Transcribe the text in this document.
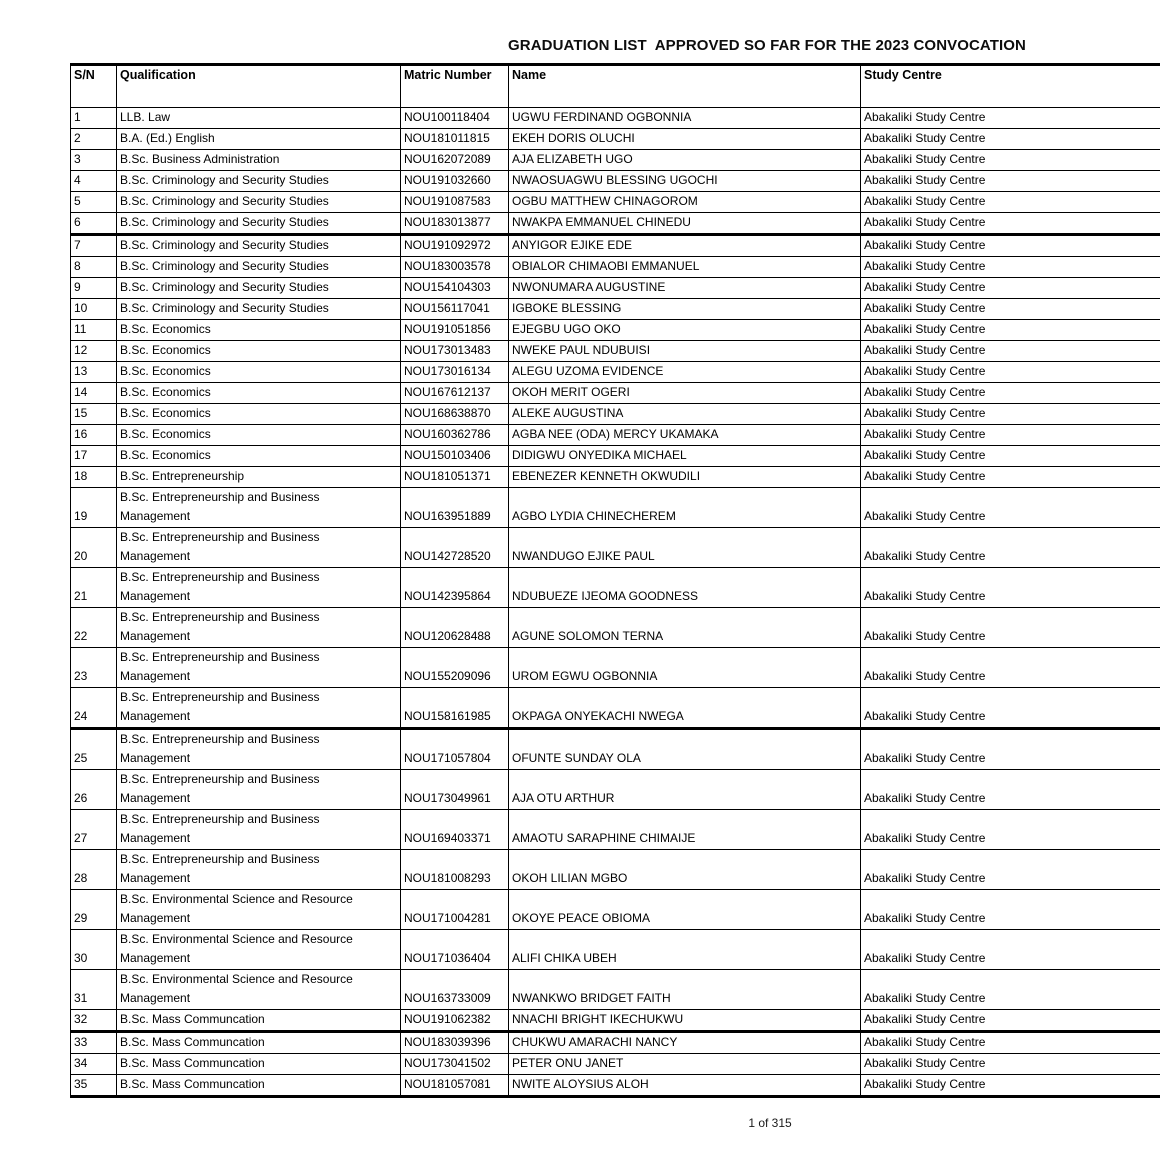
GRADUATION LIST  APPROVED SO FAR FOR THE 2023 CONVOCATION
S/N	Qualification	Matric Number	Name	Study Centre
1	LLB. Law	NOU100118404	UGWU FERDINAND OGBONNIA	Abakaliki Study Centre
2	B.A. (Ed.) English	NOU181011815	EKEH DORIS OLUCHI	Abakaliki Study Centre
3	B.Sc. Business Administration	NOU162072089	AJA ELIZABETH UGO	Abakaliki Study Centre
4	B.Sc. Criminology and Security Studies	NOU191032660	NWAOSUAGWU BLESSING UGOCHI	Abakaliki Study Centre
5	B.Sc. Criminology and Security Studies	NOU191087583	OGBU MATTHEW CHINAGOROM	Abakaliki Study Centre
6	B.Sc. Criminology and Security Studies	NOU183013877	NWAKPA EMMANUEL CHINEDU	Abakaliki Study Centre
7	B.Sc. Criminology and Security Studies	NOU191092972	ANYIGOR EJIKE EDE	Abakaliki Study Centre
8	B.Sc. Criminology and Security Studies	NOU183003578	OBIALOR CHIMAOBI EMMANUEL	Abakaliki Study Centre
9	B.Sc. Criminology and Security Studies	NOU154104303	NWONUMARA AUGUSTINE	Abakaliki Study Centre
10	B.Sc. Criminology and Security Studies	NOU156117041	IGBOKE BLESSING	Abakaliki Study Centre
11	B.Sc. Economics	NOU191051856	EJEGBU UGO OKO	Abakaliki Study Centre
12	B.Sc. Economics	NOU173013483	NWEKE PAUL NDUBUISI	Abakaliki Study Centre
13	B.Sc. Economics	NOU173016134	ALEGU UZOMA EVIDENCE	Abakaliki Study Centre
14	B.Sc. Economics	NOU167612137	OKOH MERIT OGERI	Abakaliki Study Centre
15	B.Sc. Economics	NOU168638870	ALEKE AUGUSTINA	Abakaliki Study Centre
16	B.Sc. Economics	NOU160362786	AGBA NEE (ODA) MERCY UKAMAKA	Abakaliki Study Centre
17	B.Sc. Economics	NOU150103406	DIDIGWU ONYEDIKA MICHAEL	Abakaliki Study Centre
18	B.Sc. Entrepreneurship	NOU181051371	EBENEZER KENNETH OKWUDILI	Abakaliki Study Centre
19	B.Sc. Entrepreneurship and Business Management	NOU163951889	AGBO LYDIA CHINECHEREM	Abakaliki Study Centre
20	B.Sc. Entrepreneurship and Business Management	NOU142728520	NWANDUGO EJIKE PAUL	Abakaliki Study Centre
21	B.Sc. Entrepreneurship and Business Management	NOU142395864	NDUBUEZE IJEOMA GOODNESS	Abakaliki Study Centre
22	B.Sc. Entrepreneurship and Business Management	NOU120628488	AGUNE SOLOMON TERNA	Abakaliki Study Centre
23	B.Sc. Entrepreneurship and Business Management	NOU155209096	UROM EGWU OGBONNIA	Abakaliki Study Centre
24	B.Sc. Entrepreneurship and Business Management	NOU158161985	OKPAGA ONYEKACHI NWEGA	Abakaliki Study Centre
25	B.Sc. Entrepreneurship and Business Management	NOU171057804	OFUNTE SUNDAY OLA	Abakaliki Study Centre
26	B.Sc. Entrepreneurship and Business Management	NOU173049961	AJA OTU ARTHUR	Abakaliki Study Centre
27	B.Sc. Entrepreneurship and Business Management	NOU169403371	AMAOTU SARAPHINE CHIMAIJE	Abakaliki Study Centre
28	B.Sc. Entrepreneurship and Business Management	NOU181008293	OKOH LILIAN MGBO	Abakaliki Study Centre
29	B.Sc. Environmental Science and Resource Management	NOU171004281	OKOYE PEACE OBIOMA	Abakaliki Study Centre
30	B.Sc. Environmental Science and Resource Management	NOU171036404	ALIFI CHIKA UBEH	Abakaliki Study Centre
31	B.Sc. Environmental Science and Resource Management	NOU163733009	NWANKWO BRIDGET FAITH	Abakaliki Study Centre
32	B.Sc. Mass Communcation	NOU191062382	NNACHI BRIGHT IKECHUKWU	Abakaliki Study Centre
33	B.Sc. Mass Communcation	NOU183039396	CHUKWU AMARACHI NANCY	Abakaliki Study Centre
34	B.Sc. Mass Communcation	NOU173041502	PETER ONU JANET	Abakaliki Study Centre
35	B.Sc. Mass Communcation	NOU181057081	NWITE ALOYSIUS ALOH	Abakaliki Study Centre
1 of 315
